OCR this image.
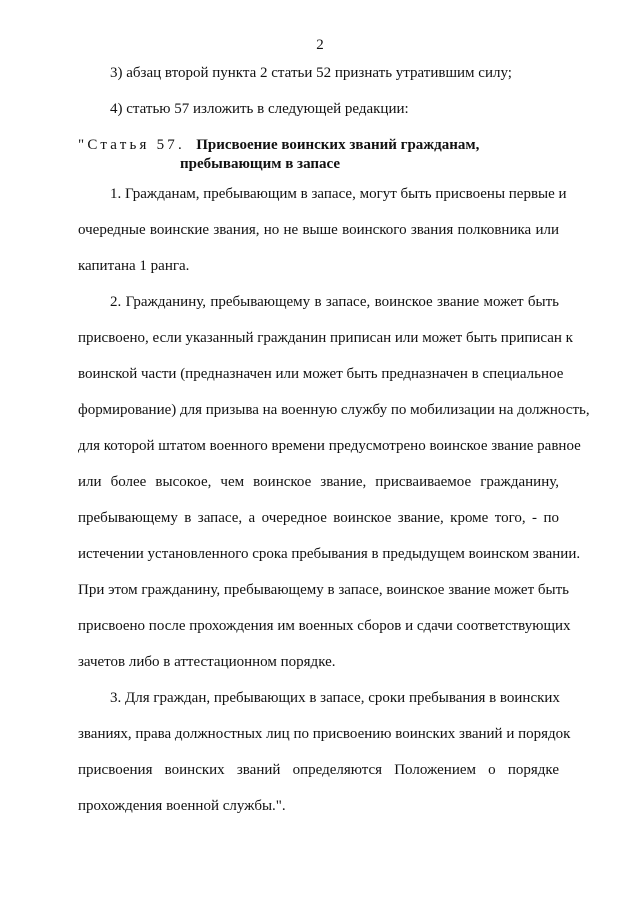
2
3) абзац второй пункта 2 статьи 52 признать утратившим силу;
4) статью 57 изложить в следующей редакции:
"Статья 57. Присвоение воинских званий гражданам,
пребывающим в запасе
1. Гражданам, пребывающим в запасе, могут быть присвоены первые и
очередные воинские звания, но не выше воинского звания полковника или
капитана 1 ранга.
2. Гражданину, пребывающему в запасе, воинское звание может быть
присвоено, если указанный гражданин приписан или может быть приписан к
воинской части (предназначен или может быть предназначен в специальное
формирование) для призыва на военную службу по мобилизации на должность,
для которой штатом военного времени предусмотрено воинское звание равное
или более высокое, чем воинское звание, присваиваемое гражданину,
пребывающему в запасе, а очередное воинское звание, кроме того, - по
истечении установленного срока пребывания в предыдущем воинском звании.
При этом гражданину, пребывающему в запасе, воинское звание может быть
присвоено после прохождения им военных сборов и сдачи соответствующих
зачетов либо в аттестационном порядке.
3. Для граждан, пребывающих в запасе, сроки пребывания в воинских
званиях, права должностных лиц по присвоению воинских званий и порядок
присвоения воинских званий определяются Положением о порядке
прохождения военной службы.".
